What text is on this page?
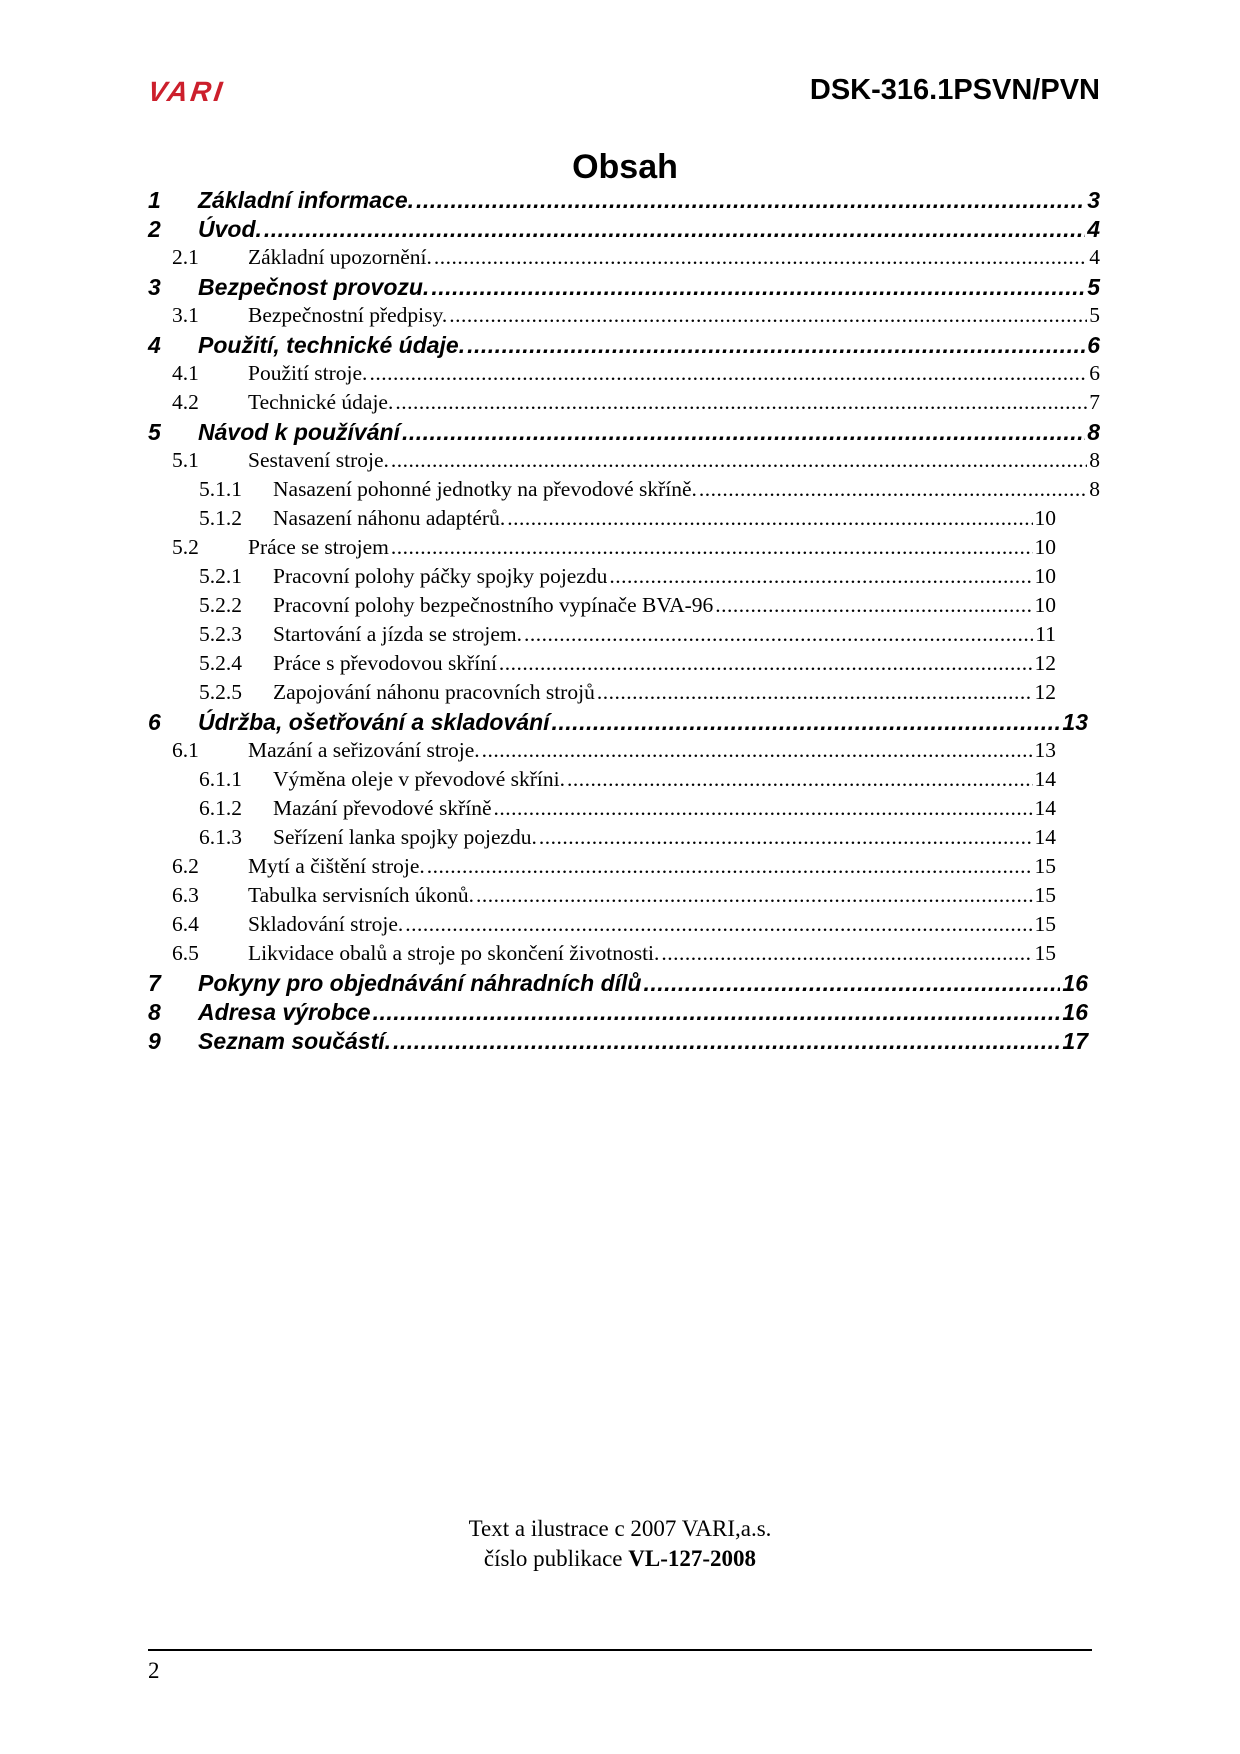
VARI	DSK-316.1PSVN/PVN
Obsah
1	Základní informace. .....	3
2	Úvod. .....	4
2.1	Základní upozornění. .....	4
3	Bezpečnost provozu. .....	5
3.1	Bezpečnostní předpisy. .....	5
4	Použití, technické údaje. .....	6
4.1	Použití stroje. .....	6
4.2	Technické údaje. .....	7
5	Návod k používání .....	8
5.1	Sestavení stroje. .....	8
5.1.1	Nasazení pohonné jednotky na převodové skříně. .....	8
5.1.2	Nasazení náhonu adaptérů. .....	10
5.2	Práce se strojem .....	10
5.2.1	Pracovní polohy páčky spojky pojezdu .....	10
5.2.2	Pracovní polohy bezpečnostního vypínače BVA-96 .....	10
5.2.3	Startování a jízda se strojem. .....	11
5.2.4	Práce s převodovou skříní .....	12
5.2.5	Zapojování náhonu pracovních strojů .....	12
6	Údržba, ošetřování a skladování .....	13
6.1	Mazání a seřizování stroje. .....	13
6.1.1	Výměna oleje v převodové skříni. .....	14
6.1.2	Mazání převodové skříně .....	14
6.1.3	Seřízení lanka spojky pojezdu. .....	14
6.2	Mytí a čištění stroje. .....	15
6.3	Tabulka servisních úkonů. .....	15
6.4	Skladování stroje. .....	15
6.5	Likvidace obalů a stroje po skončení životnosti. .....	15
7	Pokyny pro objednávání náhradních dílů .....	16
8	Adresa výrobce .....	16
9	Seznam součástí. .....	17
Text a ilustrace c 2007 VARI,a.s.
číslo publikace VL-127-2008
2
